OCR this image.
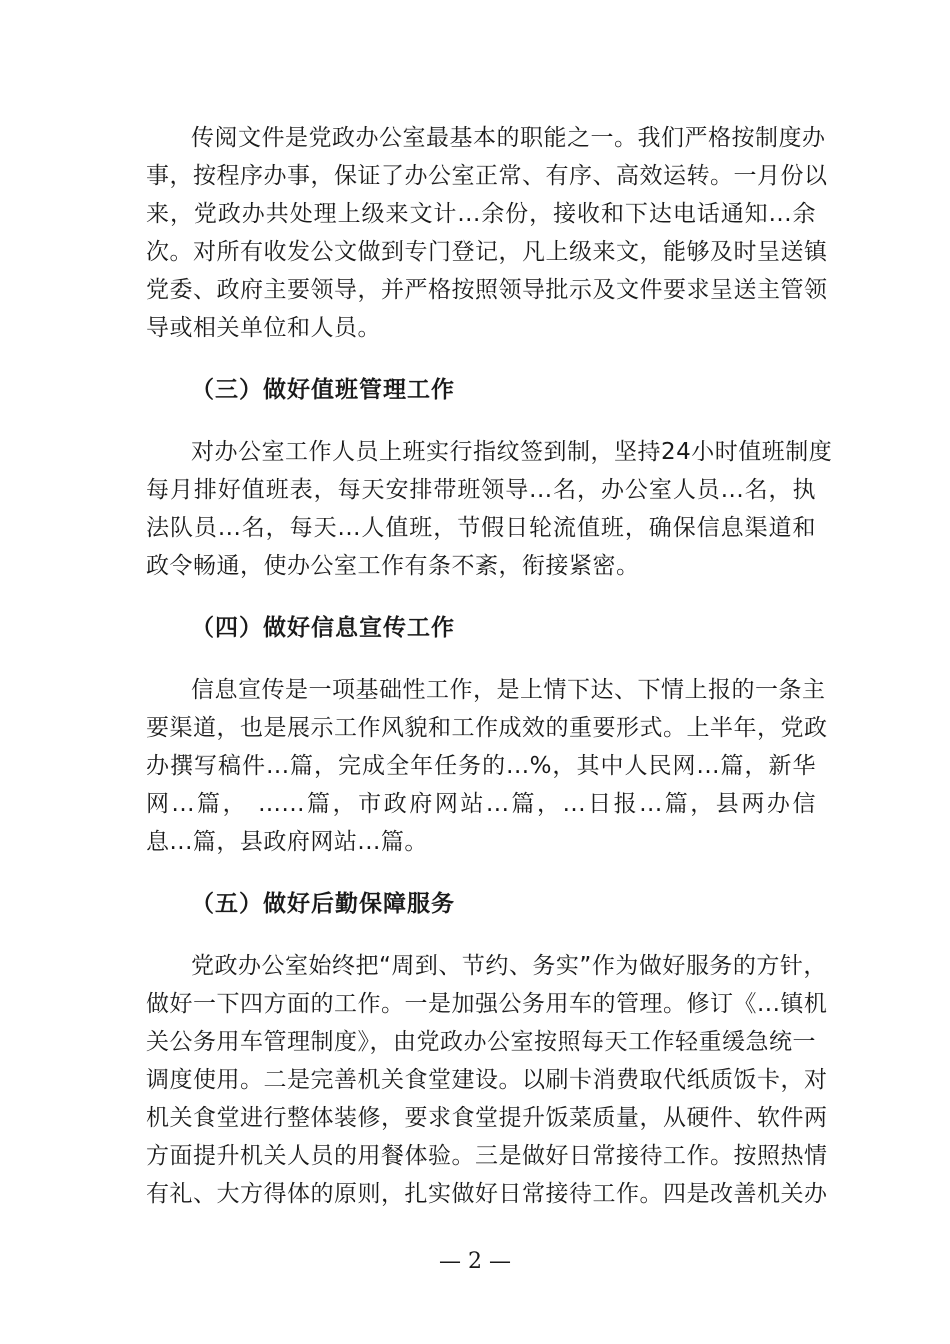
传阅文件是党政办公室最基本的职能之一。我们严格按制度办
事，按程序办事，保证了办公室正常、有序、高效运转。一月份以
来，党政办共处理上级来文计...余份，接收和下达电话通知...余
次。对所有收发公文做到专门登记，凡上级来文，能够及时呈送镇
党委、政府主要领导，并严格按照领导批示及文件要求呈送主管领
导或相关单位和人员。
（三）做好值班管理工作
对办公室工作人员上班实行指纹签到制，坚持24小时值班制度
每月排好值班表，每天安排带班领导...名，办公室人员...名，执
法队员...名，每天...人值班，节假日轮流值班，确保信息渠道和
政令畅通，使办公室工作有条不紊，衔接紧密。
（四）做好信息宣传工作
信息宣传是一项基础性工作，是上情下达、下情上报的一条主
要渠道，也是展示工作风貌和工作成效的重要形式。上半年，党政
办撰写稿件...篇，完成全年任务的...%，其中人民网...篇，新华
网...篇， …...篇，市政府网站...篇，...日报...篇，县两办信
息...篇，县政府网站...篇。
（五）做好后勤保障服务
党政办公室始终把“周到、节约、务实”作为做好服务的方针，
做好一下四方面的工作。一是加强公务用车的管理。修订《...镇机
关公务用车管理制度》，由党政办公室按照每天工作轻重缓急统一
调度使用。二是完善机关食堂建设。以刷卡消费取代纸质饭卡，对
机关食堂进行整体装修，要求食堂提升饭菜质量，从硬件、软件两
方面提升机关人员的用餐体验。三是做好日常接待工作。按照热情
有礼、大方得体的原则，扎实做好日常接待工作。四是改善机关办
— 2 —
